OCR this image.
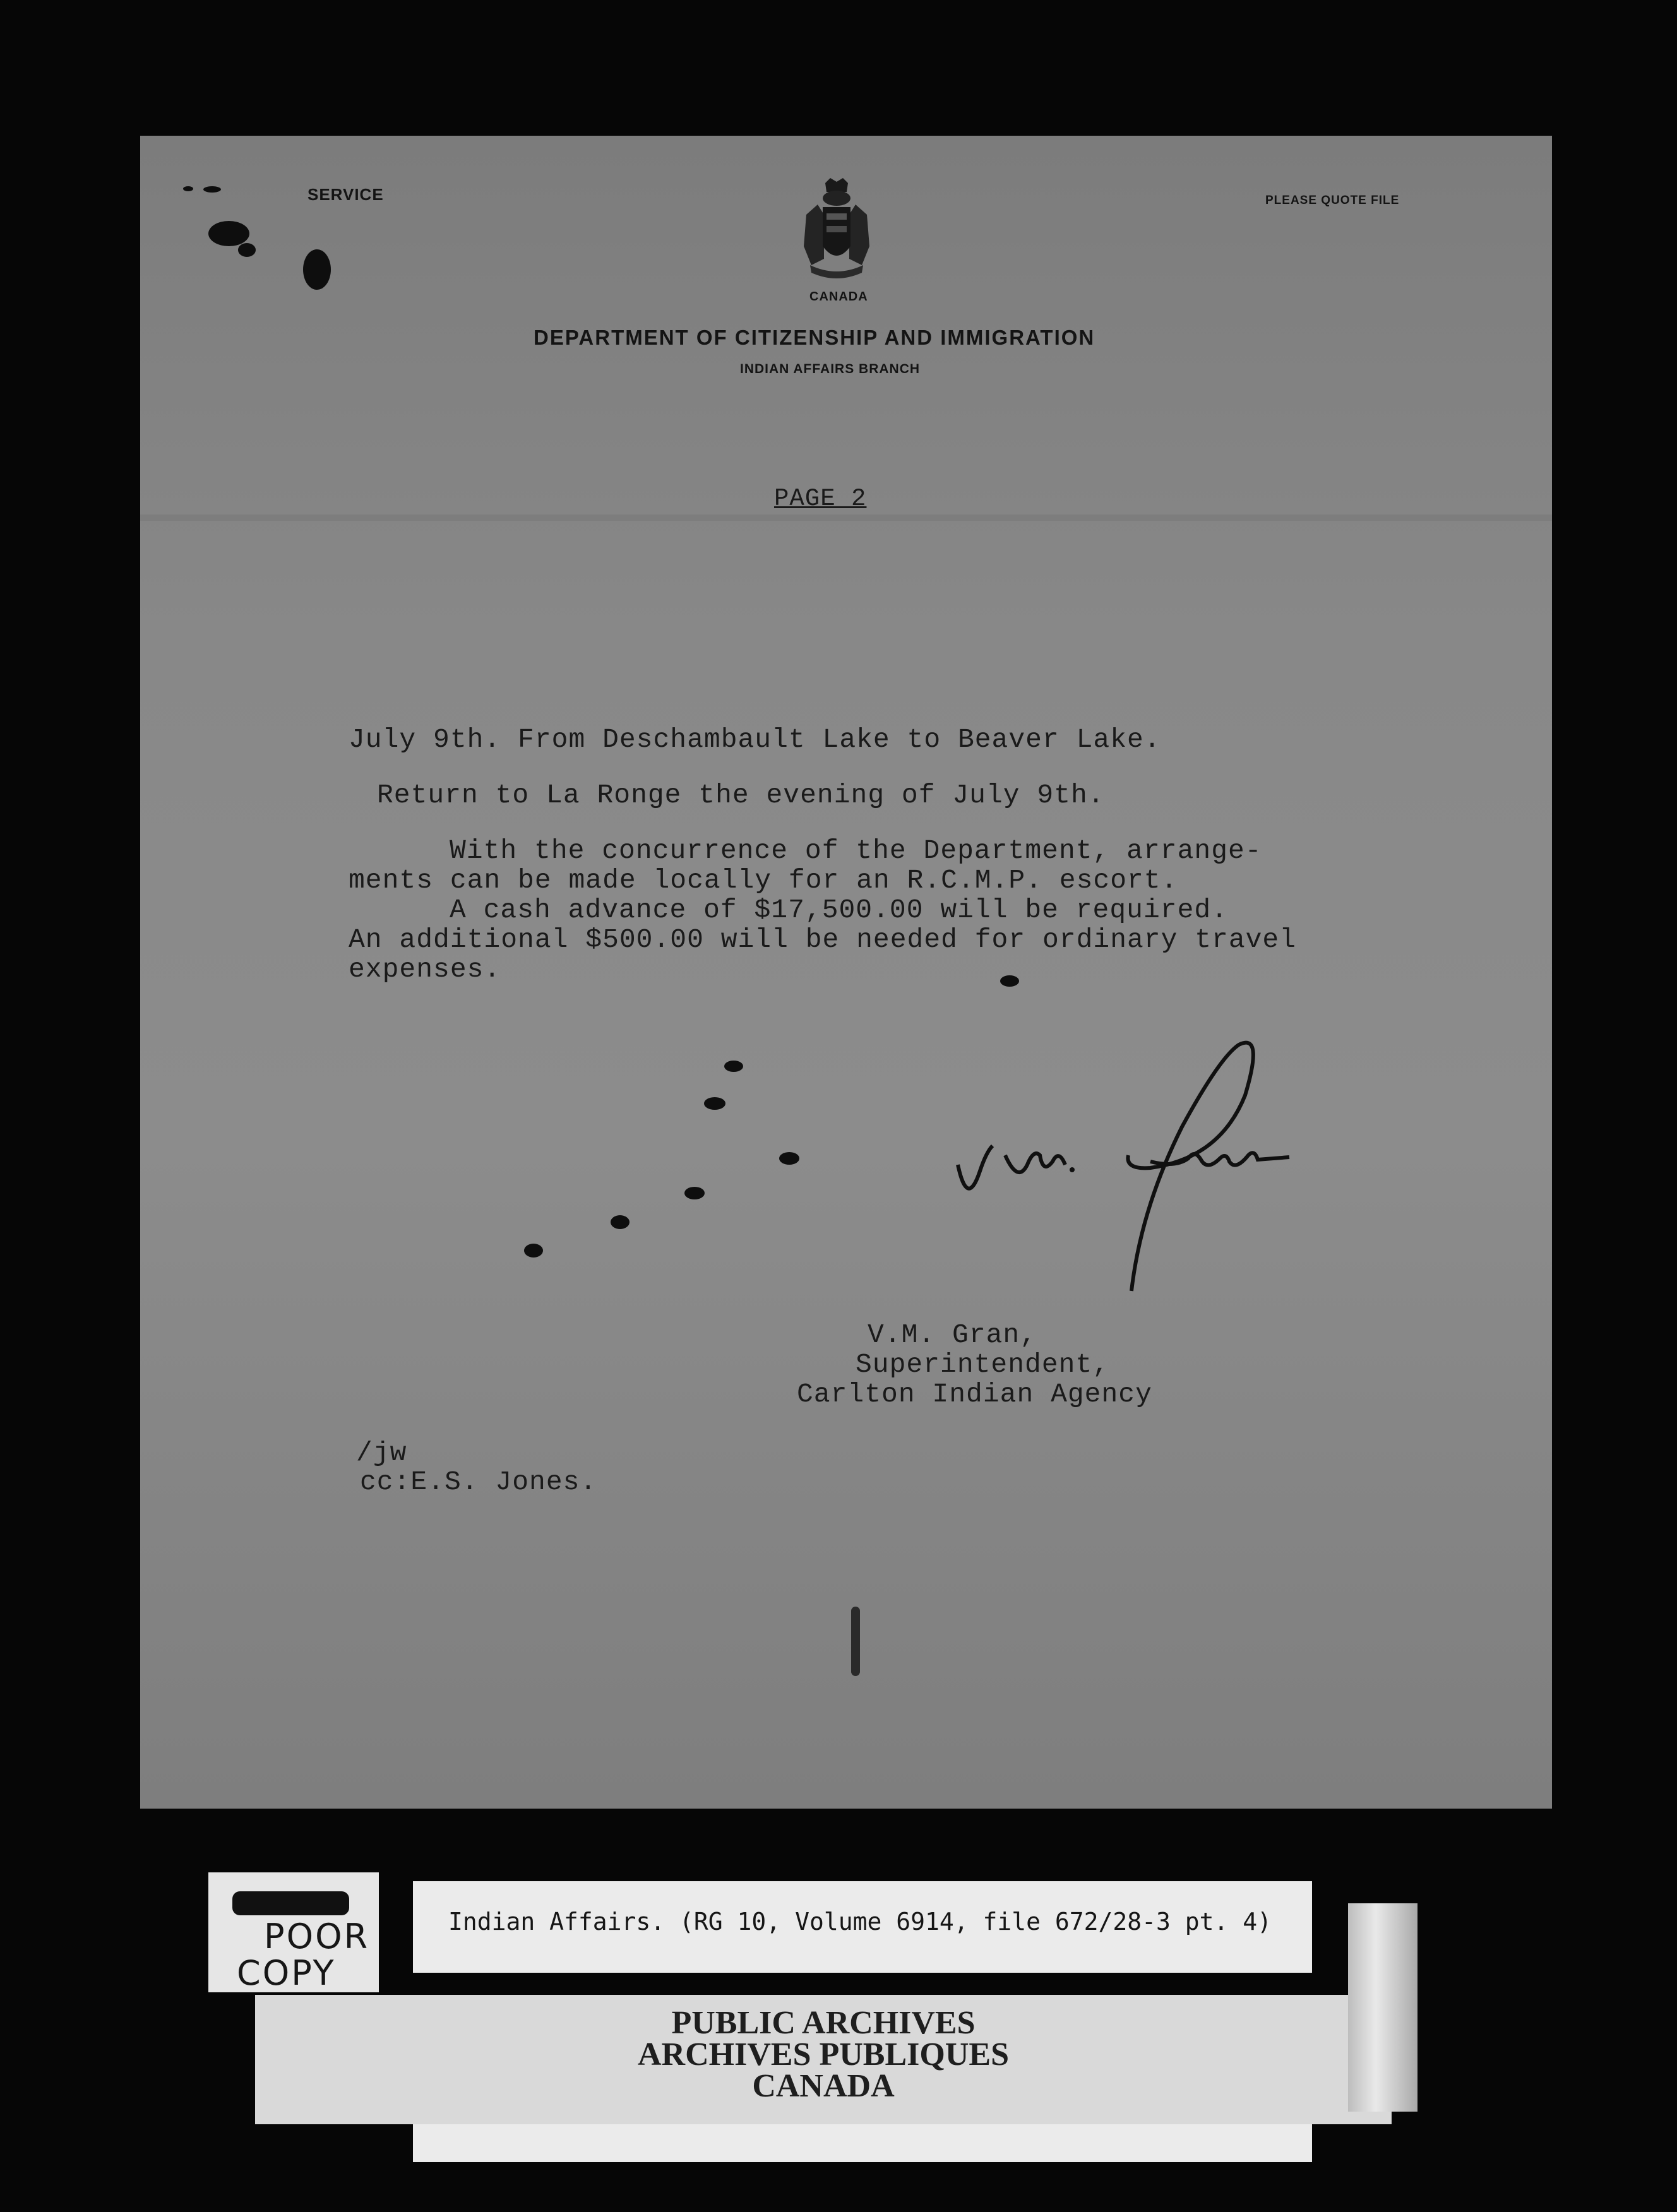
SERVICE	PLEASE QUOTE FILE
CANADA
DEPARTMENT OF CITIZENSHIP AND IMMIGRATION
INDIAN AFFAIRS BRANCH
PAGE 2
July 9th. From Deschambault Lake to Beaver Lake.
Return to La Ronge the evening of July 9th.
With the concurrence of the Department, arrange-
ments can be made locally for an R.C.M.P. escort.
A cash advance of $17,500.00 will be required.
An additional $500.00 will be needed for ordinary travel
expenses.
V.M. Gran,
Superintendent,
Carlton Indian Agency
/jw
cc:E.S. Jones.
Indian Affairs. (RG 10, Volume 6914, file 672/28-3 pt. 4)
POOR
COPY
PUBLIC ARCHIVES
ARCHIVES PUBLIQUES
CANADA
